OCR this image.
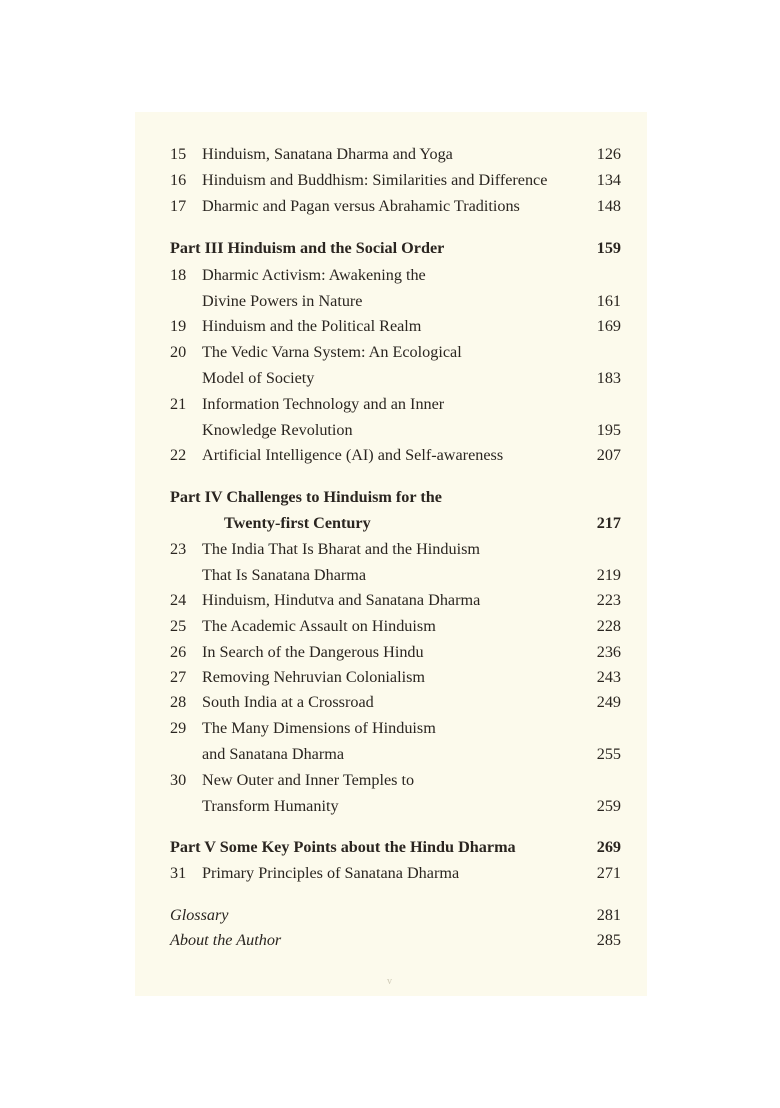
15 Hinduism, Sanatana Dharma and Yoga	126
16 Hinduism and Buddhism: Similarities and Difference	134
17 Dharmic and Pagan versus Abrahamic Traditions	148
Part III Hinduism and the Social Order	159
18 Dharmic Activism: Awakening the
Divine Powers in Nature	161
19 Hinduism and the Political Realm	169
20 The Vedic Varna System: An Ecological
Model of Society	183
21 Information Technology and an Inner
Knowledge Revolution	195
22 Artificial Intelligence (AI) and Self-awareness	207
Part IV Challenges to Hinduism for the
Twenty-first Century	217
23 The India That Is Bharat and the Hinduism
That Is Sanatana Dharma	219
24 Hinduism, Hindutva and Sanatana Dharma	223
25 The Academic Assault on Hinduism	228
26 In Search of the Dangerous Hindu	236
27 Removing Nehruvian Colonialism	243
28 South India at a Crossroad	249
29 The Many Dimensions of Hinduism
and Sanatana Dharma	255
30 New Outer and Inner Temples to
Transform Humanity	259
Part V Some Key Points about the Hindu Dharma	269
31 Primary Principles of Sanatana Dharma	271
Glossary	281
About the Author	285
v
